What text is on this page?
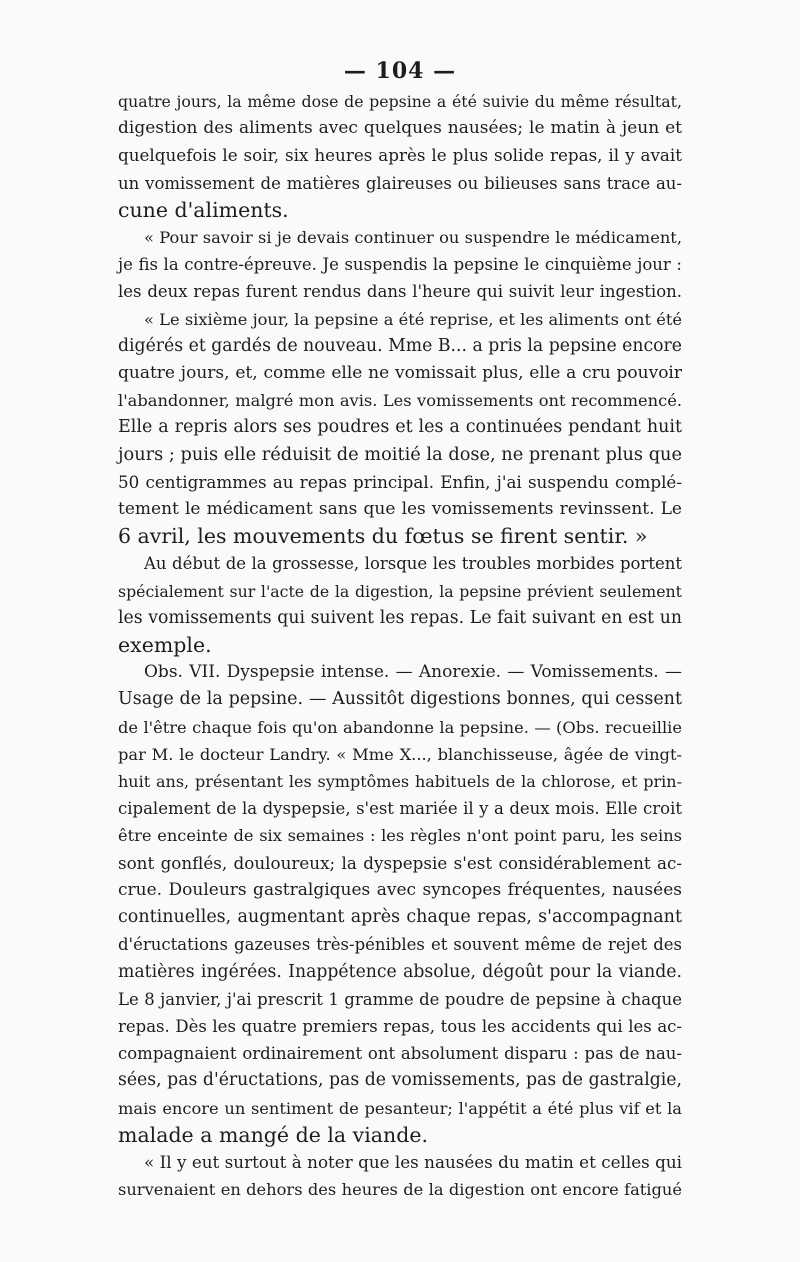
— 104 —

quatre jours, la même dose de pepsine a été suivie du même résultat,
digestion des aliments avec quelques nausées; le matin à jeun et
quelquefois le soir, six heures après le plus solide repas, il y avait
un vomissement de matières glaireuses ou bilieuses sans trace au-
cune d'aliments.

« Pour savoir si je devais continuer ou suspendre le médicament,
je fis la contre-épreuve. Je suspendis la pepsine le cinquième jour :
les deux repas furent rendus dans l'heure qui suivit leur ingestion.

« Le sixième jour, la pepsine a été reprise, et les aliments ont été
digérés et gardés de nouveau. Mme B... a pris la pepsine encore
quatre jours, et, comme elle ne vomissait plus, elle a cru pouvoir
l'abandonner, malgré mon avis. Les vomissements ont recommencé.
Elle a repris alors ses poudres et les a continuées pendant huit
jours ; puis elle réduisit de moitié la dose, ne prenant plus que
50 centigrammes au repas principal. Enfin, j'ai suspendu complé-
tement le médicament sans que les vomissements revinssent. Le
6 avril, les mouvements du fœtus se firent sentir. »

Au début de la grossesse, lorsque les troubles morbides portent
spécialement sur l'acte de la digestion, la pepsine prévient seulement
les vomissements qui suivent les repas. Le fait suivant en est un
exemple.

Obs. VII. Dyspepsie intense. — Anorexie. — Vomissements. —
Usage de la pepsine. — Aussitôt digestions bonnes, qui cessent
de l'être chaque fois qu'on abandonne la pepsine. — (Obs. recueillie
par M. le docteur Landry. « Mme X..., blanchisseuse, âgée de vingt-
huit ans, présentant les symptômes habituels de la chlorose, et prin-
cipalement de la dyspepsie, s'est mariée il y a deux mois. Elle croit
être enceinte de six semaines : les règles n'ont point paru, les seins
sont gonflés, douloureux; la dyspepsie s'est considérablement ac-
crue. Douleurs gastralgiques avec syncopes fréquentes, nausées
continuelles, augmentant après chaque repas, s'accompagnant
d'éructations gazeuses très-pénibles et souvent même de rejet des
matières ingérées. Inappétence absolue, dégoût pour la viande.
Le 8 janvier, j'ai prescrit 1 gramme de poudre de pepsine à chaque
repas. Dès les quatre premiers repas, tous les accidents qui les ac-
compagnaient ordinairement ont absolument disparu : pas de nau-
sées, pas d'éructations, pas de vomissements, pas de gastralgie,
mais encore un sentiment de pesanteur; l'appétit a été plus vif et la
malade a mangé de la viande.

« Il y eut surtout à noter que les nausées du matin et celles qui
survenaient en dehors des heures de la digestion ont encore fatigué
